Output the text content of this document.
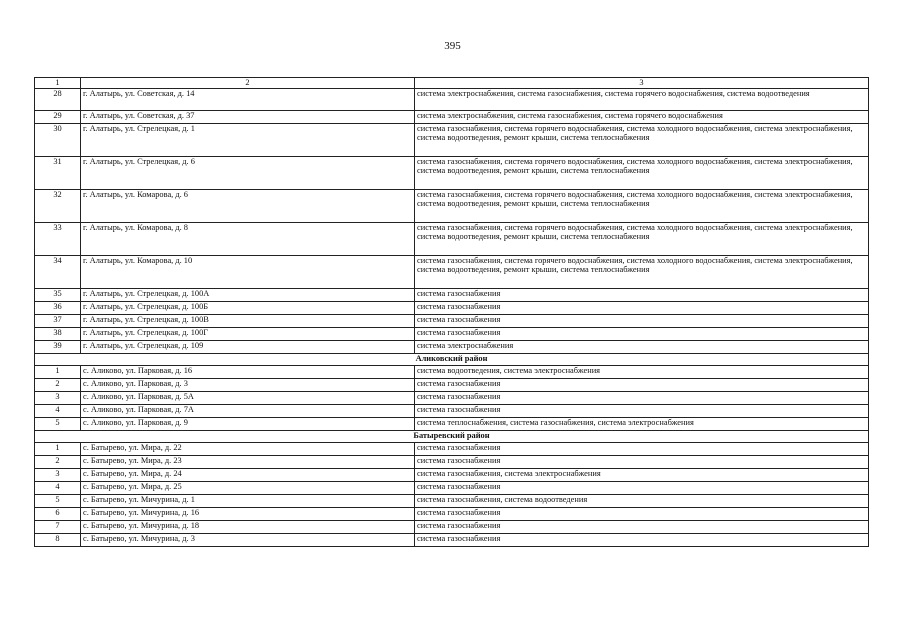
395
1	2	3
28	г. Алатырь, ул. Советская, д. 14	система электроснабжения, система газоснабжения, система горячего водоснабжения, система водоотведения
29	г. Алатырь, ул. Советская, д. 37	система электроснабжения, система газоснабжения, система горячего водоснабжения
30	г. Алатырь, ул. Стрелецкая, д. 1	система газоснабжения, система горячего водоснабжения, система холодного водоснабжения, система электроснабжения, система водоотведения, ремонт крыши, система теплоснабжения
31	г. Алатырь, ул. Стрелецкая, д. 6	система газоснабжения, система горячего водоснабжения, система холодного водоснабжения, система электроснабжения, система водоотведения, ремонт крыши, система теплоснабжения
32	г. Алатырь, ул. Комарова, д. 6	система газоснабжения, система горячего водоснабжения, система холодного водоснабжения, система электроснабжения, система водоотведения, ремонт крыши, система теплоснабжения
33	г. Алатырь, ул. Комарова, д. 8	система газоснабжения, система горячего водоснабжения, система холодного водоснабжения, система электроснабжения, система водоотведения, ремонт крыши, система теплоснабжения
34	г. Алатырь, ул. Комарова, д. 10	система газоснабжения, система горячего водоснабжения, система холодного водоснабжения, система электроснабжения, система водоотведения, ремонт крыши, система теплоснабжения
35	г. Алатырь, ул. Стрелецкая, д. 100А	система газоснабжения
36	г. Алатырь, ул. Стрелецкая, д. 100Б	система газоснабжения
37	г. Алатырь, ул. Стрелецкая, д. 100В	система газоснабжения
38	г. Алатырь, ул. Стрелецкая, д. 100Г	система газоснабжения
39	г. Алатырь, ул. Стрелецкая, д. 109	система электроснабжения
Аликовский район		
1	с. Аликово, ул. Парковая, д. 16	система водоотведения, система электроснабжения
2	с. Аликово, ул. Парковая, д. 3	система газоснабжения
3	с. Аликово, ул. Парковая, д. 5А	система газоснабжения
4	с. Аликово, ул. Парковая, д. 7А	система газоснабжения
5	с. Аликово, ул. Парковая, д. 9	система теплоснабжения, система газоснабжения, система электроснабжения
Батыревский район		
1	с. Батырево, ул. Мира, д. 22	система газоснабжения
2	с. Батырево, ул. Мира, д. 23	система газоснабжения
3	с. Батырево, ул. Мира, д. 24	система газоснабжения, система электроснабжения
4	с. Батырево, ул. Мира, д. 25	система газоснабжения
5	с. Батырево, ул. Мичурина, д. 1	система газоснабжения, система водоотведения
6	с. Батырево, ул. Мичурина, д. 16	система газоснабжения
7	с. Батырево, ул. Мичурина, д. 18	система газоснабжения
8	с. Батырево, ул. Мичурина, д. 3	система газоснабжения
